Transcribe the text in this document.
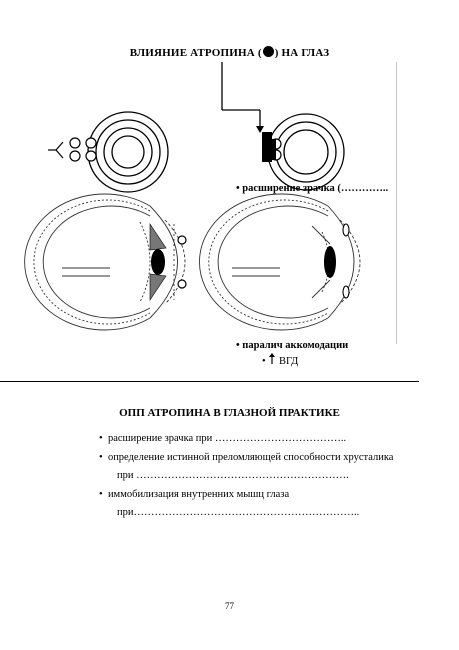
ВЛИЯНИЕ АТРОПИНА ( ) НА ГЛАЗ
• расширение зрачка (…………..
• паралич аккомодации
• ВГД
ОПП АТРОПИНА В ГЛАЗНОЙ ПРАКТИКЕ
• расширение зрачка при ………………………………..
• определение истинной преломляющей способности хрусталика
при …………………………………………………….
• иммобилизация внутренних мышц глаза
при………………………………………………………..
77
